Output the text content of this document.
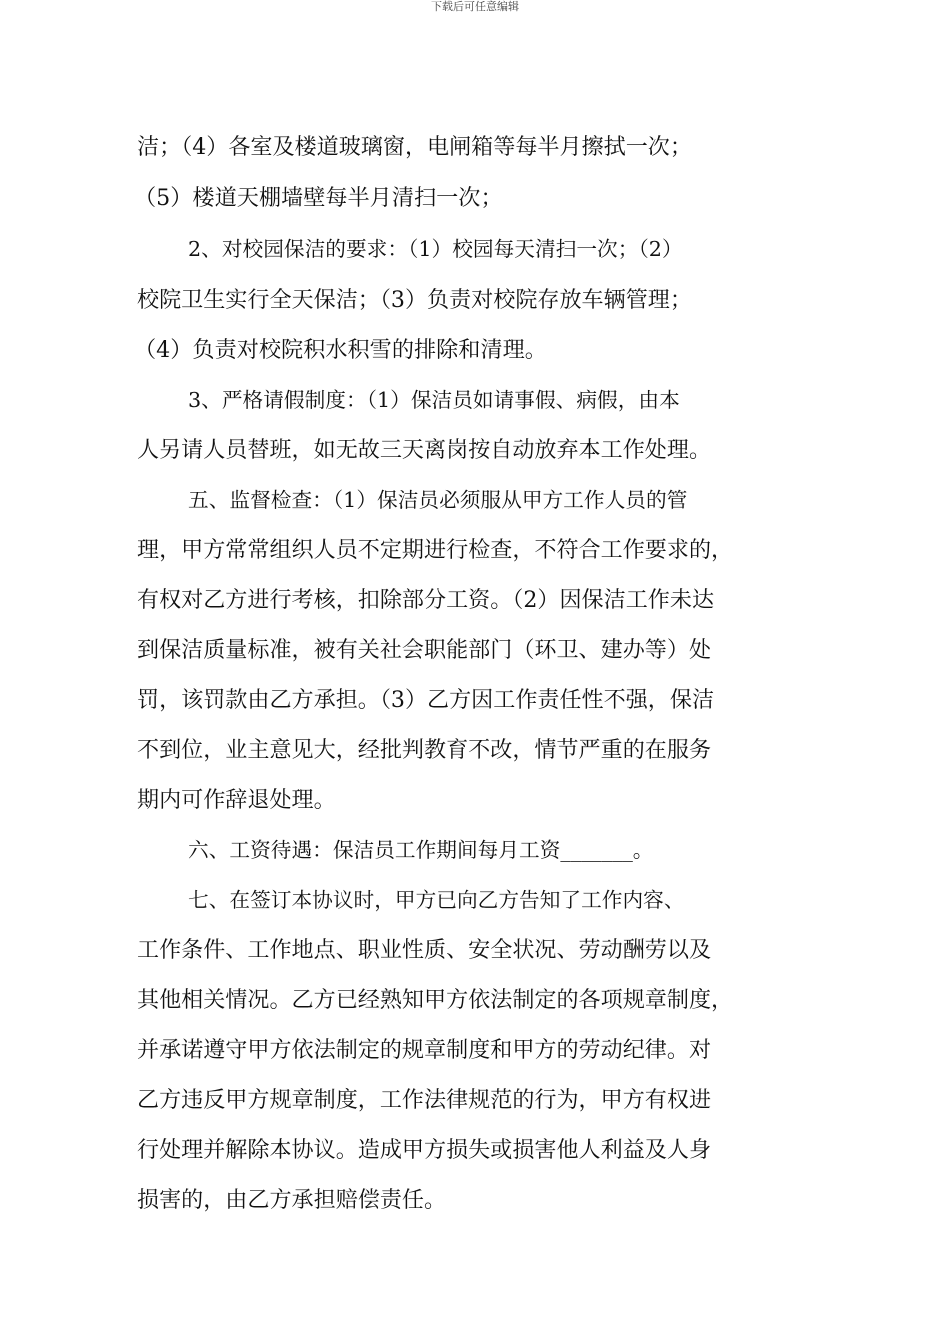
下载后可任意编辑
洁；（4）各室及楼道玻璃窗，电闸箱等每半月擦拭一次；
（5）楼道天棚墙壁每半月清扫一次；
2、对校园保洁的要求：（1）校园每天清扫一次；（2）
校院卫生实行全天保洁；（3）负责对校院存放车辆管理；
（4）负责对校院积水积雪的排除和清理。
3、严格请假制度：（1）保洁员如请事假、病假，由本
人另请人员替班，如无故三天离岗按自动放弃本工作处理。
五、监督检查：（1）保洁员必须服从甲方工作人员的管
理，甲方常常组织人员不定期进行检查，不符合工作要求的，
有权对乙方进行考核，扣除部分工资。（2）因保洁工作未达
到保洁质量标准，被有关社会职能部门（环卫、建办等）处
罚，该罚款由乙方承担。（3）乙方因工作责任性不强，保洁
不到位，业主意见大，经批判教育不改，情节严重的在服务
期内可作辞退处理。
六、工资待遇：保洁员工作期间每月工资_______。
七、在签订本协议时，甲方已向乙方告知了工作内容、
工作条件、工作地点、职业性质、安全状况、劳动酬劳以及
其他相关情况。乙方已经熟知甲方依法制定的各项规章制度，
并承诺遵守甲方依法制定的规章制度和甲方的劳动纪律。对
乙方违反甲方规章制度，工作法律规范的行为，甲方有权进
行处理并解除本协议。造成甲方损失或损害他人利益及人身
损害的，由乙方承担赔偿责任。
